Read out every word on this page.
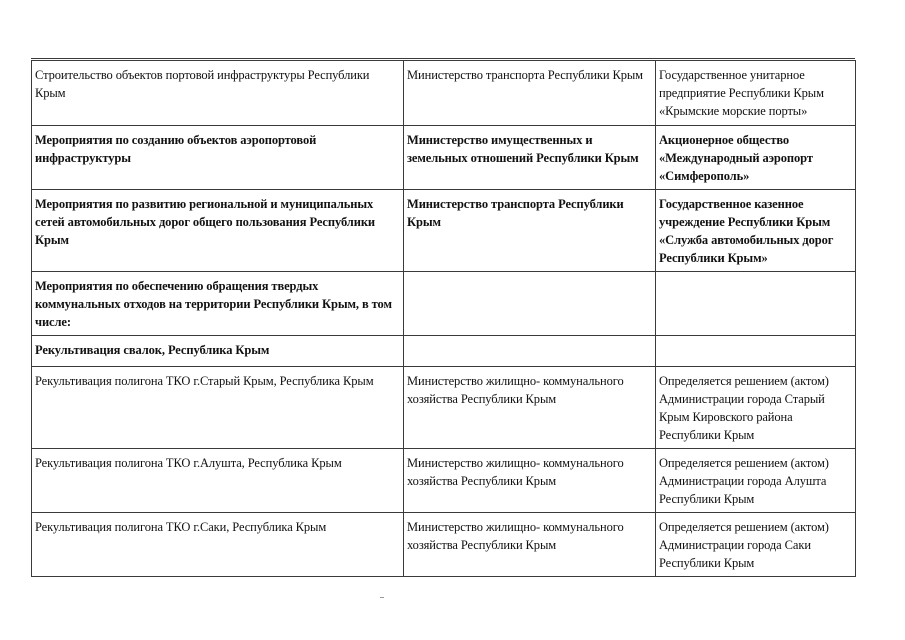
Строительство объектов портовой инфраструктуры Республики Крым	Министерство транспорта Республики Крым	Государственное унитарное предприятие Республики Крым «Крымские морские порты»
Мероприятия по созданию объектов аэропортовой инфраструктуры	Министерство имущественных и земельных отношений Республики Крым	Акционерное общество «Международный аэропорт «Симферополь»
Мероприятия по развитию региональной и муниципальных сетей автомобильных дорог общего пользования Республики Крым	Министерство транспорта Республики Крым	Государственное казенное учреждение Республики Крым «Служба автомобильных дорог Республики Крым»
Мероприятия по обеспечению обращения твердых коммунальных отходов на территории Республики Крым, в том числе:		
Рекультивация свалок, Республика Крым		
Рекультивация полигона ТКО г.Старый Крым, Республика Крым	Министерство жилищно- коммунального хозяйства Республики Крым	Определяется решением (актом) Администрации города Старый Крым Кировского района Республики Крым
Рекультивация полигона ТКО г.Алушта, Республика Крым	Министерство жилищно- коммунального хозяйства Республики Крым	Определяется решением (актом) Администрации города Алушта Республики Крым
Рекультивация полигона ТКО г.Саки, Республика Крым	Министерство жилищно- коммунального хозяйства Республики Крым	Определяется решением (актом) Администрации города Саки Республики Крым
